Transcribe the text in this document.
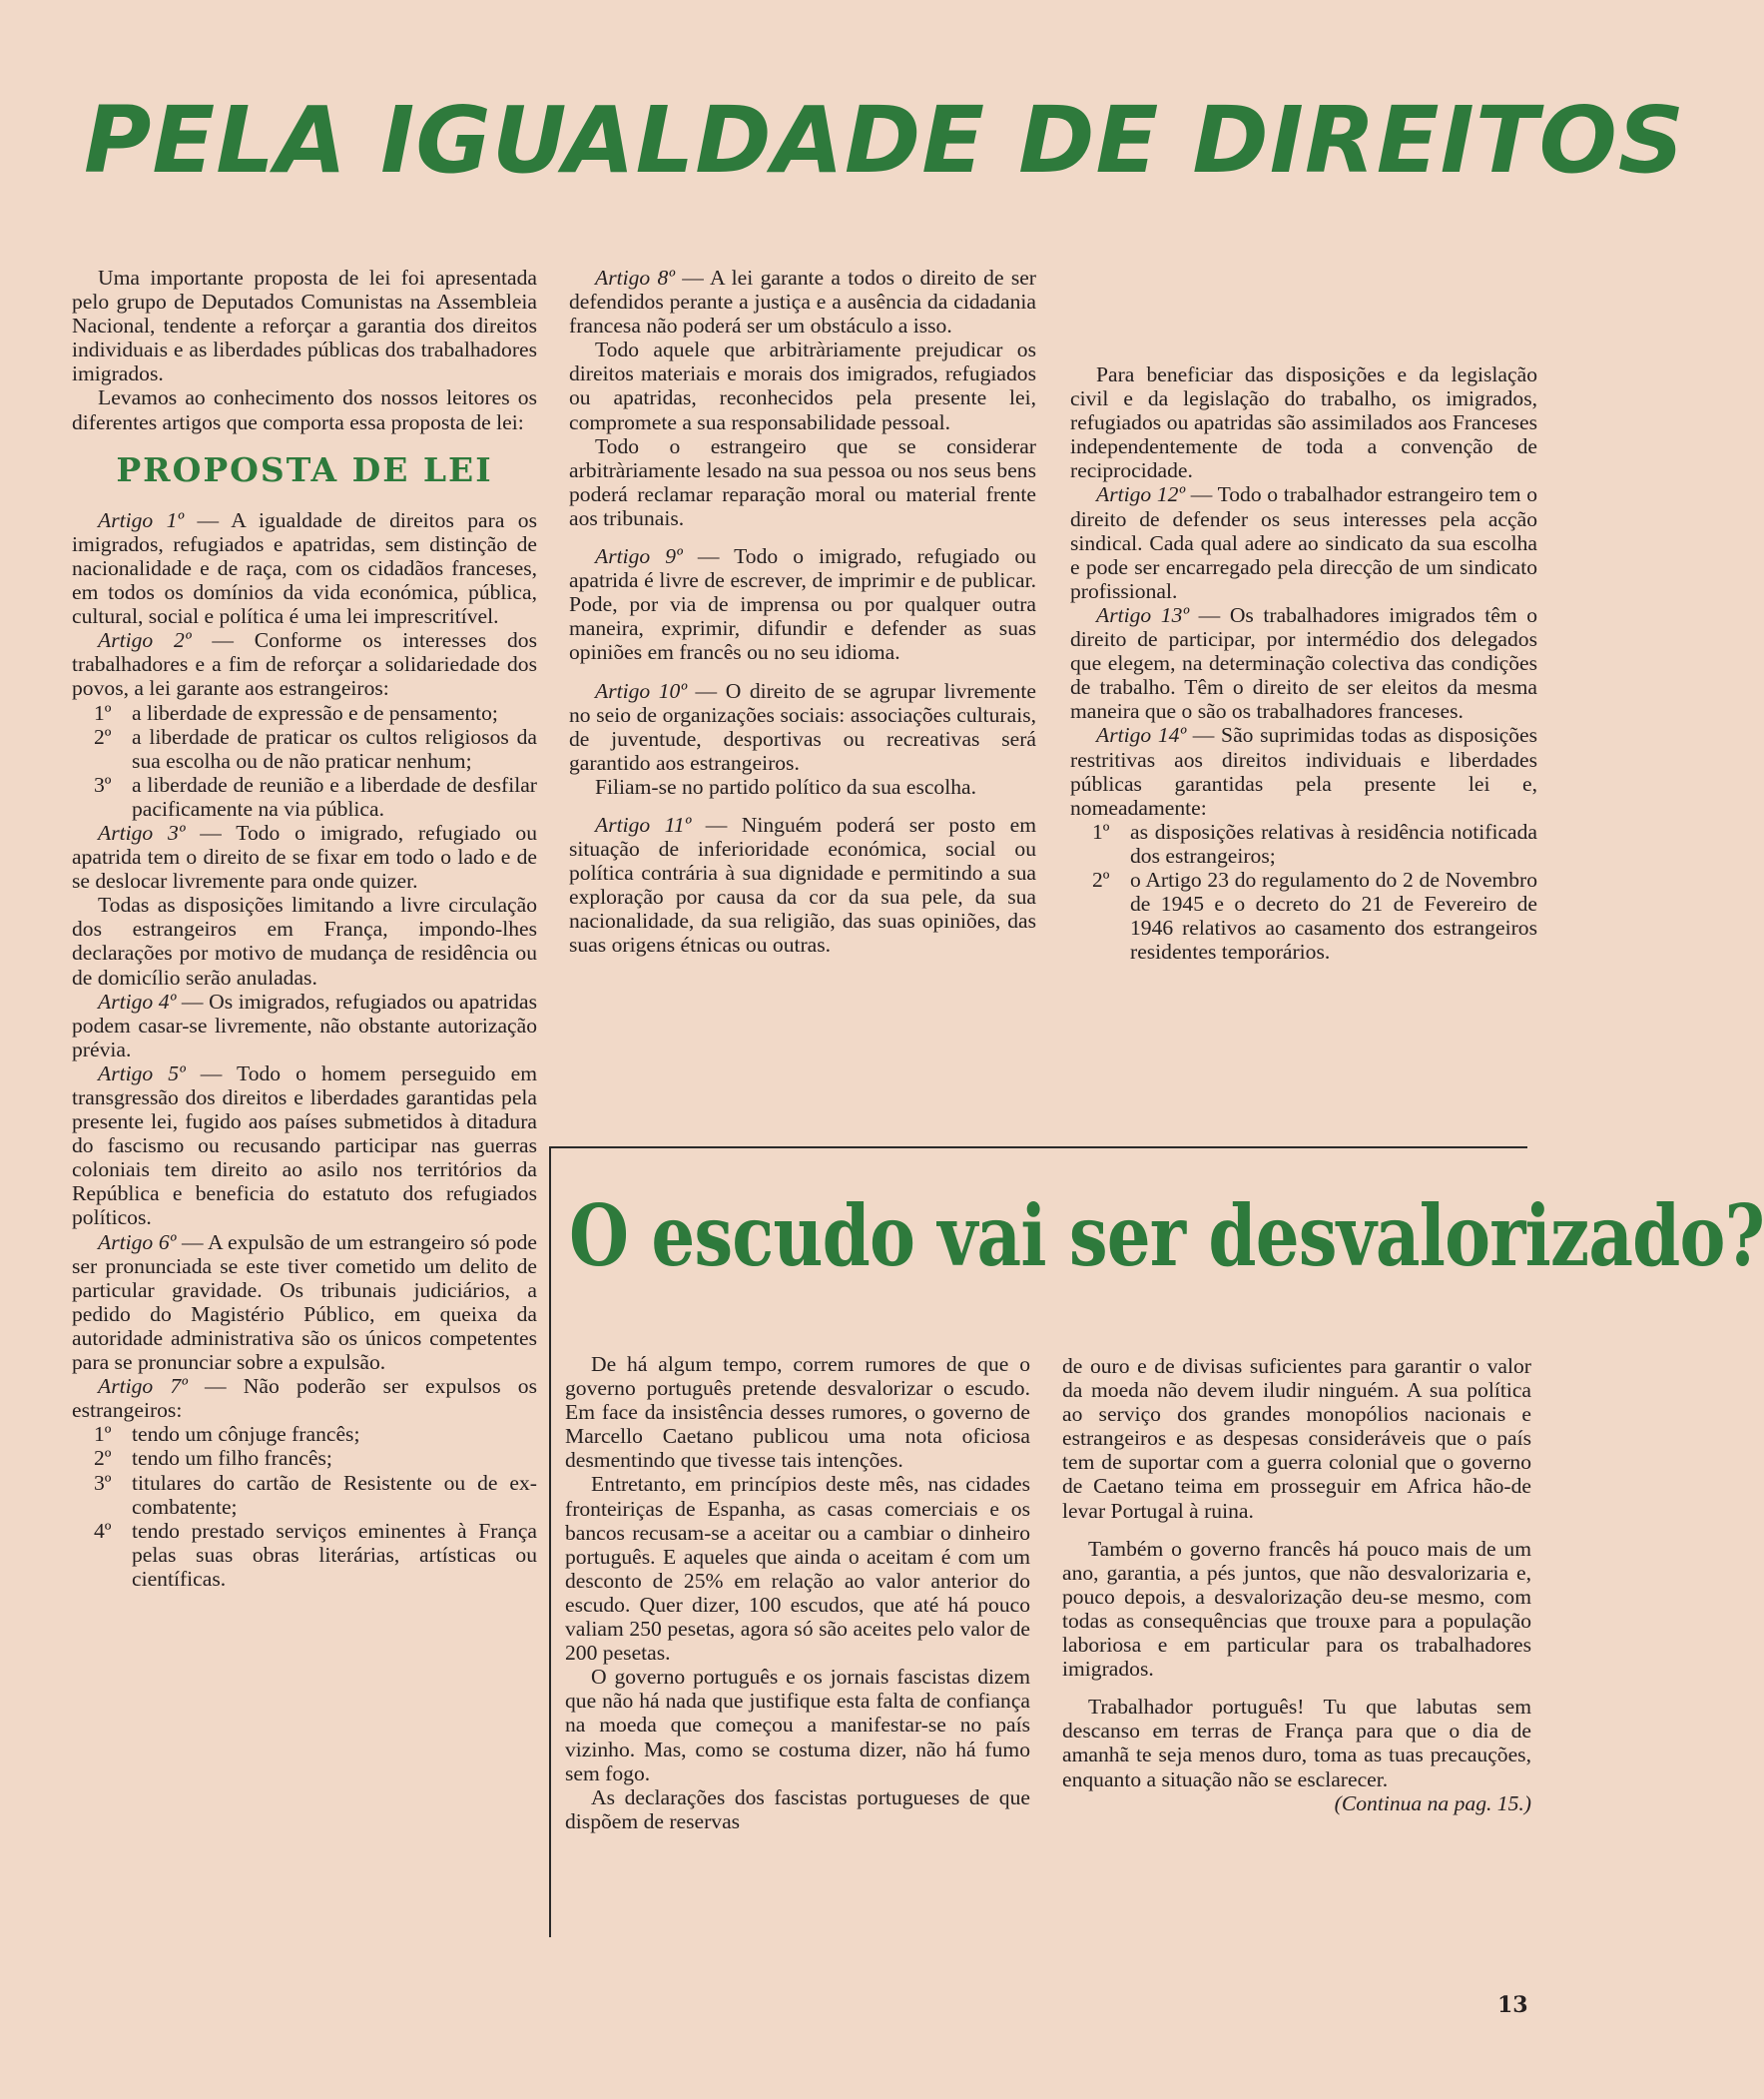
PELA IGUALDADE DE DIREITOS

Uma importante proposta de lei foi apresentada pelo grupo de Deputados Comunistas na Assembleia Nacional, tendente a reforçar a garantia dos direitos individuais e as liberdades públicas dos trabalhadores imigrados.

Levamos ao conhecimento dos nossos leitores os diferentes artigos que comporta essa proposta de lei:

PROPOSTA DE LEI

Artigo 1º — A igualdade de direitos para os imigrados, refugiados e apatridas, sem distinção de nacionalidade e de raça, com os cidadãos franceses, em todos os domínios da vida económica, pública, cultural, social e política é uma lei imprescritível.

Artigo 2º — Conforme os interesses dos trabalhadores e a fim de reforçar a solidariedade dos povos, a lei garante aos estrangeiros:

1º a liberdade de expressão e de pensamento;
2º a liberdade de praticar os cultos religiosos da sua escolha ou de não praticar nenhum;
3º a liberdade de reunião e a liberdade de desfilar pacificamente na via pública.

Artigo 3º — Todo o imigrado, refugiado ou apatrida tem o direito de se fixar em todo o lado e de se deslocar livremente para onde quizer.

Todas as disposições limitando a livre circulação dos estrangeiros em França, impondo-lhes declarações por motivo de mudança de residência ou de domicílio serão anuladas.

Artigo 4º — Os imigrados, refugiados ou apatridas podem casar-se livremente, não obstante autorização prévia.

Artigo 5º — Todo o homem perseguido em transgressão dos direitos e liberdades garantidas pela presente lei, fugido aos países submetidos à ditadura do fascismo ou recusando participar nas guerras coloniais tem direito ao asilo nos territórios da República e beneficia do estatuto dos refugiados políticos.

Artigo 6º — A expulsão de um estrangeiro só pode ser pronunciada se este tiver cometido um delito de particular gravidade. Os tribunais judiciários, a pedido do Magistério Público, em queixa da autoridade administrativa são os únicos competentes para se pronunciar sobre a expulsão.

Artigo 7º — Não poderão ser expulsos os estrangeiros:

1º tendo um cônjuge francês;
2º tendo um filho francês;
3º titulares do cartão de Resistente ou de ex-combatente;
4º tendo prestado serviços eminentes à França pelas suas obras literárias, artísticas ou científicas.

Artigo 8º — A lei garante a todos o direito de ser defendidos perante a justiça e a ausência da cidadania francesa não poderá ser um obstáculo a isso.

Todo aquele que arbitràriamente prejudicar os direitos materiais e morais dos imigrados, refugiados ou apatridas, reconhecidos pela presente lei, compromete a sua responsabilidade pessoal.

Todo o estrangeiro que se considerar arbitràriamente lesado na sua pessoa ou nos seus bens poderá reclamar reparação moral ou material frente aos tribunais.

Artigo 9º — Todo o imigrado, refugiado ou apatrida é livre de escrever, de imprimir e de publicar. Pode, por via de imprensa ou por qualquer outra maneira, exprimir, difundir e defender as suas opiniões em francês ou no seu idioma.

Artigo 10º — O direito de se agrupar livremente no seio de organizações sociais: associações culturais, de juventude, desportivas ou recreativas será garantido aos estrangeiros.

Filiam-se no partido político da sua escolha.

Artigo 11º — Ninguém poderá ser posto em situação de inferioridade económica, social ou política contrária à sua dignidade e permitindo a sua exploração por causa da cor da sua pele, da sua nacionalidade, da sua religião, das suas opiniões, das suas origens étnicas ou outras.

Para beneficiar das disposições e da legislação civil e da legislação do trabalho, os imigrados, refugiados ou apatridas são assimilados aos Franceses independentemente de toda a convenção de reciprocidade.

Artigo 12º — Todo o trabalhador estrangeiro tem o direito de defender os seus interesses pela acção sindical. Cada qual adere ao sindicato da sua escolha e pode ser encarregado pela direcção de um sindicato profissional.

Artigo 13º — Os trabalhadores imigrados têm o direito de participar, por intermédio dos delegados que elegem, na determinação colectiva das condições de trabalho. Têm o direito de ser eleitos da mesma maneira que o são os trabalhadores franceses.

Artigo 14º — São suprimidas todas as disposições restritivas aos direitos individuais e liberdades públicas garantidas pela presente lei e, nomeadamente:

1º as disposições relativas à residência notificada dos estrangeiros;
2º o Artigo 23 do regulamento do 2 de Novembro de 1945 e o decreto do 21 de Fevereiro de 1946 relativos ao casamento dos estrangeiros residentes temporários.
O escudo vai ser desvalorizado?

De há algum tempo, correm rumores de que o governo português pretende desvalorizar o escudo. Em face da insistência desses rumores, o governo de Marcello Caetano publicou uma nota oficiosa desmentindo que tivesse tais intenções.

Entretanto, em princípios deste mês, nas cidades fronteiriças de Espanha, as casas comerciais e os bancos recusam-se a aceitar ou a cambiar o dinheiro português. E aqueles que ainda o aceitam é com um desconto de 25% em relação ao valor anterior do escudo. Quer dizer, 100 escudos, que até há pouco valiam 250 pesetas, agora só são aceites pelo valor de 200 pesetas.

O governo português e os jornais fascistas dizem que não há nada que justifique esta falta de confiança na moeda que começou a manifestar-se no país vizinho. Mas, como se costuma dizer, não há fumo sem fogo.

As declarações dos fascistas portugueses de que dispõem de reservas

de ouro e de divisas suficientes para garantir o valor da moeda não devem iludir ninguém. A sua política ao serviço dos grandes monopólios nacionais e estrangeiros e as despesas consideráveis que o país tem de suportar com a guerra colonial que o governo de Caetano teima em prosseguir em Africa hão-de levar Portugal à ruina.

Também o governo francês há pouco mais de um ano, garantia, a pés juntos, que não desvalorizaria e, pouco depois, a desvalorização deu-se mesmo, com todas as consequências que trouxe para a população laboriosa e em particular para os trabalhadores imigrados.

Trabalhador português! Tu que labutas sem descanso em terras de França para que o dia de amanhã te seja menos duro, toma as tuas precauções, enquanto a situação não se esclarecer.

(Continua na pag. 15.)

13
